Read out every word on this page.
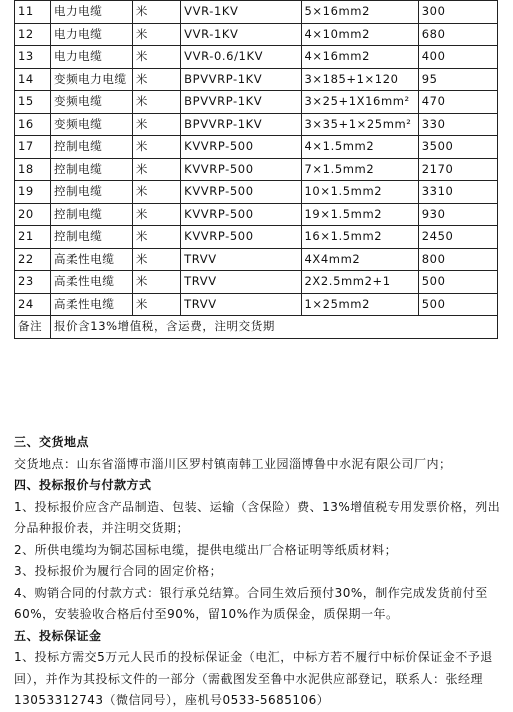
11	电力电缆	米	VVR-1KV	5×16mm2	300
12	电力电缆	米	VVR-1KV	4×10mm2	680
13	电力电缆	米	VVR-0.6/1KV	4×16mm2	400
14	变频电力电缆	米	BPVVRP-1KV	3×185+1×120	95
15	变频电缆	米	BPVVRP-1KV	3×25+1X16mm²	470
16	变频电缆	米	BPVVRP-1KV	3×35+1×25mm²	330
17	控制电缆	米	KVVRP-500	4×1.5mm2	3500
18	控制电缆	米	KVVRP-500	7×1.5mm2	2170
19	控制电缆	米	KVVRP-500	10×1.5mm2	3310
20	控制电缆	米	KVVRP-500	19×1.5mm2	930
21	控制电缆	米	KVVRP-500	16×1.5mm2	2450
22	高柔性电缆	米	TRVV	4X4mm2	800
23	高柔性电缆	米	TRVV	2X2.5mm2+1	500
24	高柔性电缆	米	TRVV	1×25mm2	500
备注	报价含13%增值税，含运费，注明交货期				

三、交货地点

交货地点：山东省淄博市淄川区罗村镇南韩工业园淄博鲁中水泥有限公司厂内；

四、投标报价与付款方式

1、投标报价应含产品制造、包装、运输（含保险）费、13%增值税专用发票价格，列出分品种报价表，并注明交货期；

2、所供电缆均为铜芯国标电缆，提供电缆出厂合格证明等纸质材料；

3、投标报价为履行合同的固定价格；

4、购销合同的付款方式：银行承兑结算。合同生效后预付30%，制作完成发货前付至60%，安装验收合格后付至90%，留10%作为质保金，质保期一年。

五、投标保证金

1、投标方需交5万元人民币的投标保证金（电汇，中标方若不履行中标价保证金不予退回），并作为其投标文件的一部分（需截图发至鲁中水泥供应部登记，联系人：张经理13053312743（微信同号），座机号0533-5685106）
